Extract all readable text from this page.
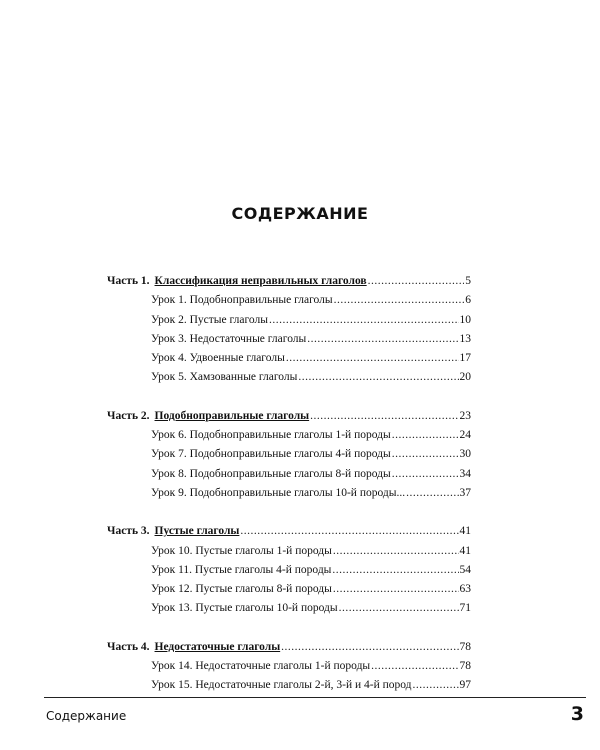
СОДЕРЖАНИЕ
Часть 1. Классификация неправильных глаголов .....	5
Урок 1. Подобноправильные глаголы .....	6
Урок 2. Пустые глаголы .....	10
Урок 3. Недостаточные глаголы .....	13
Урок 4. Удвоенные глаголы .....	17
Урок 5. Хамзованные глаголы .....	20
Часть 2. Подобноправильные глаголы .....	23
Урок 6. Подобноправильные глаголы 1-й породы .....	24
Урок 7. Подобноправильные глаголы 4-й породы .....	30
Урок 8. Подобноправильные глаголы 8-й породы .....	34
Урок 9. Подобноправильные глаголы 10-й породы... .....	37
Часть 3. Пустые глаголы .....	41
Урок 10. Пустые глаголы 1-й породы .....	41
Урок 11. Пустые глаголы 4-й породы .....	54
Урок 12. Пустые глаголы 8-й породы .....	63
Урок 13. Пустые глаголы 10-й породы .....	71
Часть 4. Недостаточные глаголы .....	78
Урок 14. Недостаточные глаголы 1-й породы .....	78
Урок 15. Недостаточные глаголы 2-й, 3-й и 4-й пород .....	97
Содержание	3
